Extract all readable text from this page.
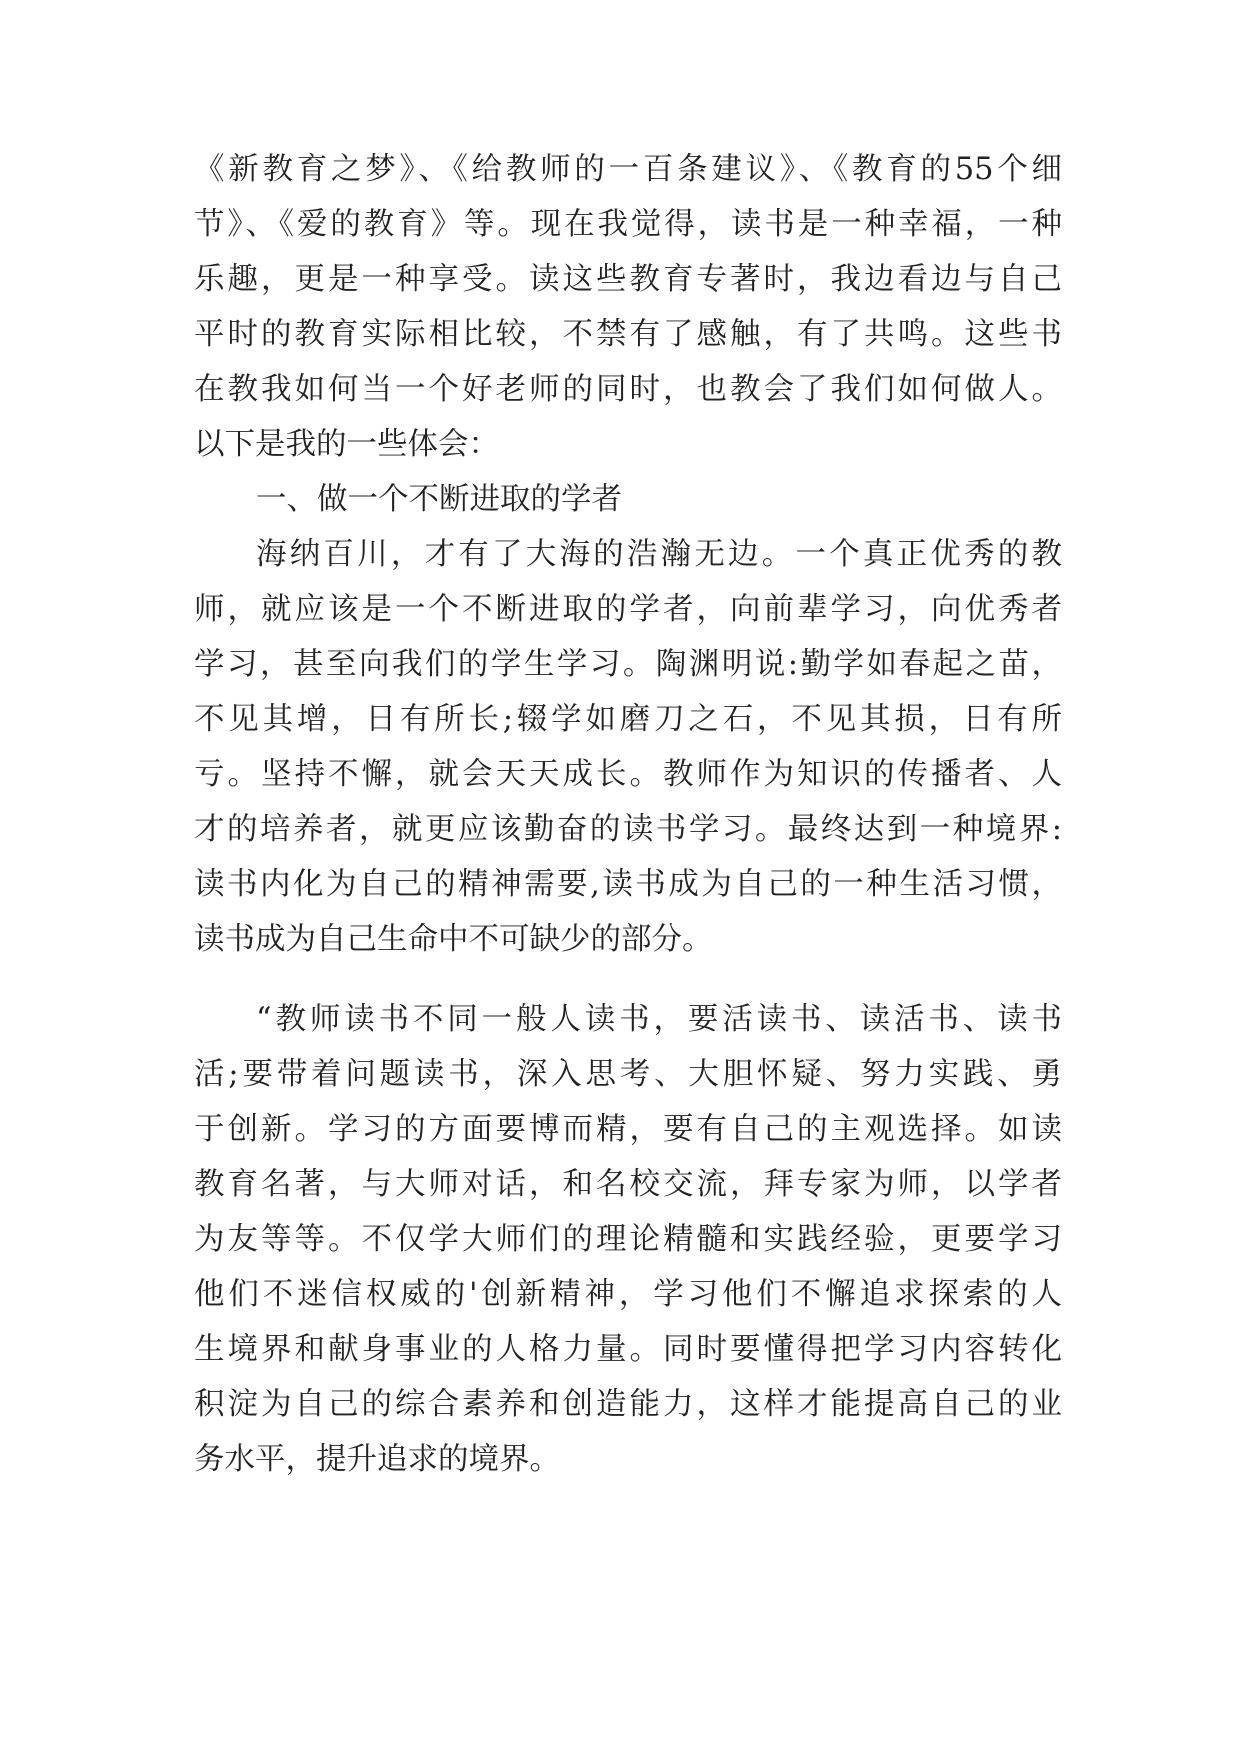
《新教育之梦》、《给教师的一百条建议》、《教育的55个细
节》、《爱的教育》等。现在我觉得，读书是一种幸福，一种
乐趣，更是一种享受。读这些教育专著时，我边看边与自己
平时的教育实际相比较，不禁有了感触，有了共鸣。这些书
在教我如何当一个好老师的同时，也教会了我们如何做人。
以下是我的一些体会：
一、做一个不断进取的学者
海纳百川，才有了大海的浩瀚无边。一个真正优秀的教
师，就应该是一个不断进取的学者，向前辈学习，向优秀者
学习，甚至向我们的学生学习。陶渊明说:勤学如春起之苗，
不见其增，日有所长;辍学如磨刀之石，不见其损，日有所
亏。坚持不懈，就会天天成长。教师作为知识的传播者、人
才的培养者，就更应该勤奋的读书学习。最终达到一种境界:
读书内化为自己的精神需要,读书成为自己的一种生活习惯，
读书成为自己生命中不可缺少的部分。
“教师读书不同一般人读书，要活读书、读活书、读书
活;要带着问题读书，深入思考、大胆怀疑、努力实践、勇
于创新。学习的方面要博而精，要有自己的主观选择。如读
教育名著，与大师对话，和名校交流，拜专家为师，以学者
为友等等。不仅学大师们的理论精髓和实践经验，更要学习
他们不迷信权威的'创新精神，学习他们不懈追求探索的人
生境界和献身事业的人格力量。同时要懂得把学习内容转化
积淀为自己的综合素养和创造能力，这样才能提高自己的业
务水平，提升追求的境界。
